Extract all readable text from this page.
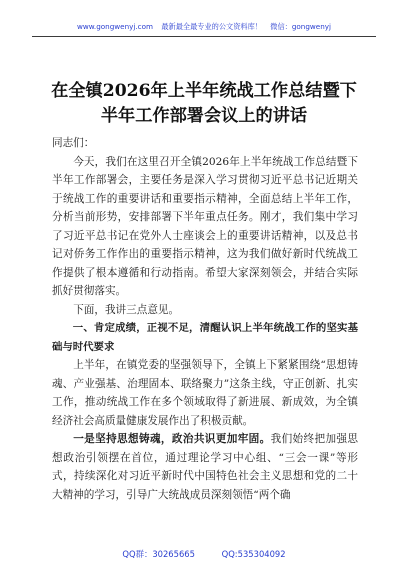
www.gongwenyj.com 最新最全最专业的公文资料库！ 微信：gongwenyj
在全镇2026年上半年统战工作总结暨下半年工作部署会议上的讲话

同志们：

今天，我们在这里召开全镇2026年上半年统战工作总结暨下半年工作部署会，主要任务是深入学习贯彻习近平总书记近期关于统战工作的重要讲话和重要指示精神，全面总结上半年工作，分析当前形势，安排部署下半年重点任务。刚才，我们集中学习了习近平总书记在党外人士座谈会上的重要讲话精神，以及总书记对侨务工作作出的重要指示精神，这为我们做好新时代统战工作提供了根本遵循和行动指南。希望大家深刻领会，并结合实际抓好贯彻落实。

下面，我讲三点意见。

一、肯定成绩，正视不足，清醒认识上半年统战工作的坚实基础与时代要求

上半年，在镇党委的坚强领导下，全镇上下紧紧围绕“思想铸魂、产业强基、治理固本、联络聚力”这条主线，守正创新、扎实工作，推动统战工作在多个领域取得了新进展、新成效，为全镇经济社会高质量健康发展作出了积极贡献。

一是坚持思想铸魂，政治共识更加牢固。我们始终把加强思想政治引领摆在首位，通过理论学习中心组、“三会一课”等形式，持续深化对习近平新时代中国特色社会主义思想和党的二十大精神的学习，引导广大统战成员深刻领悟“两个确

QQ群：30265665	QQ:535304092
